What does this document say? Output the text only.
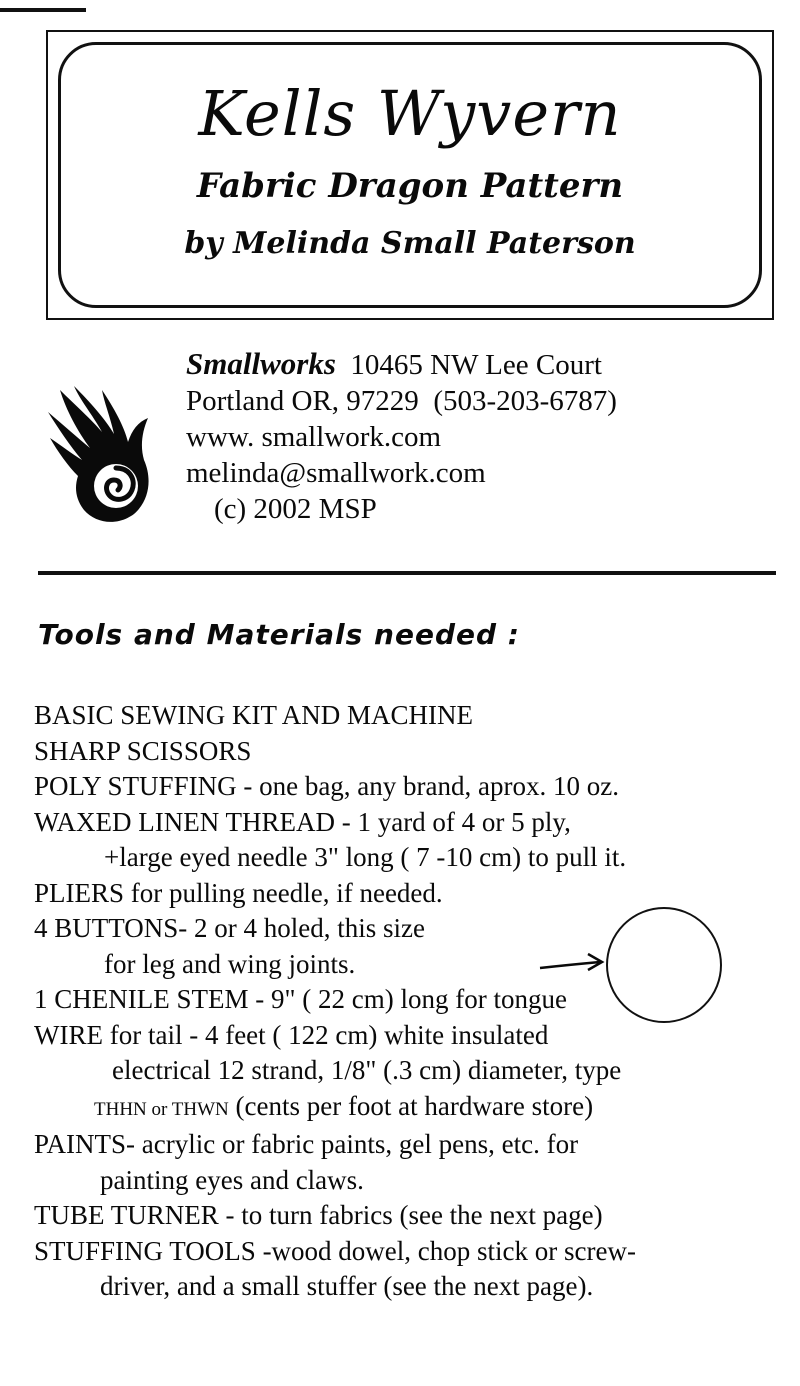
Kells Wyvern
Fabric Dragon Pattern
by Melinda Small Paterson
Smallworks 10465 NW Lee Court
Portland OR, 97229 (503-203-6787)
www. smallwork.com
melinda@smallwork.com
(c) 2002 MSP
Tools and Materials needed :
BASIC SEWING KIT AND MACHINE
SHARP SCISSORS
POLY STUFFING - one bag, any brand, aprox. 10 oz.
WAXED LINEN THREAD - 1 yard of 4 or 5 ply,
+large eyed needle 3" long ( 7 -10 cm) to pull it.
PLIERS for pulling needle, if needed.
4 BUTTONS- 2 or 4 holed, this size
for leg and wing joints.
1 CHENILE STEM - 9" ( 22 cm) long for tongue
WIRE for tail - 4 feet ( 122 cm) white insulated
electrical 12 strand, 1/8" (.3 cm) diameter, type
THHN or THWN (cents per foot at hardware store)
PAINTS- acrylic or fabric paints, gel pens, etc. for
painting eyes and claws.
TUBE TURNER - to turn fabrics (see the next page)
STUFFING TOOLS -wood dowel, chop stick or screw-
driver, and a small stuffer (see the next page).
